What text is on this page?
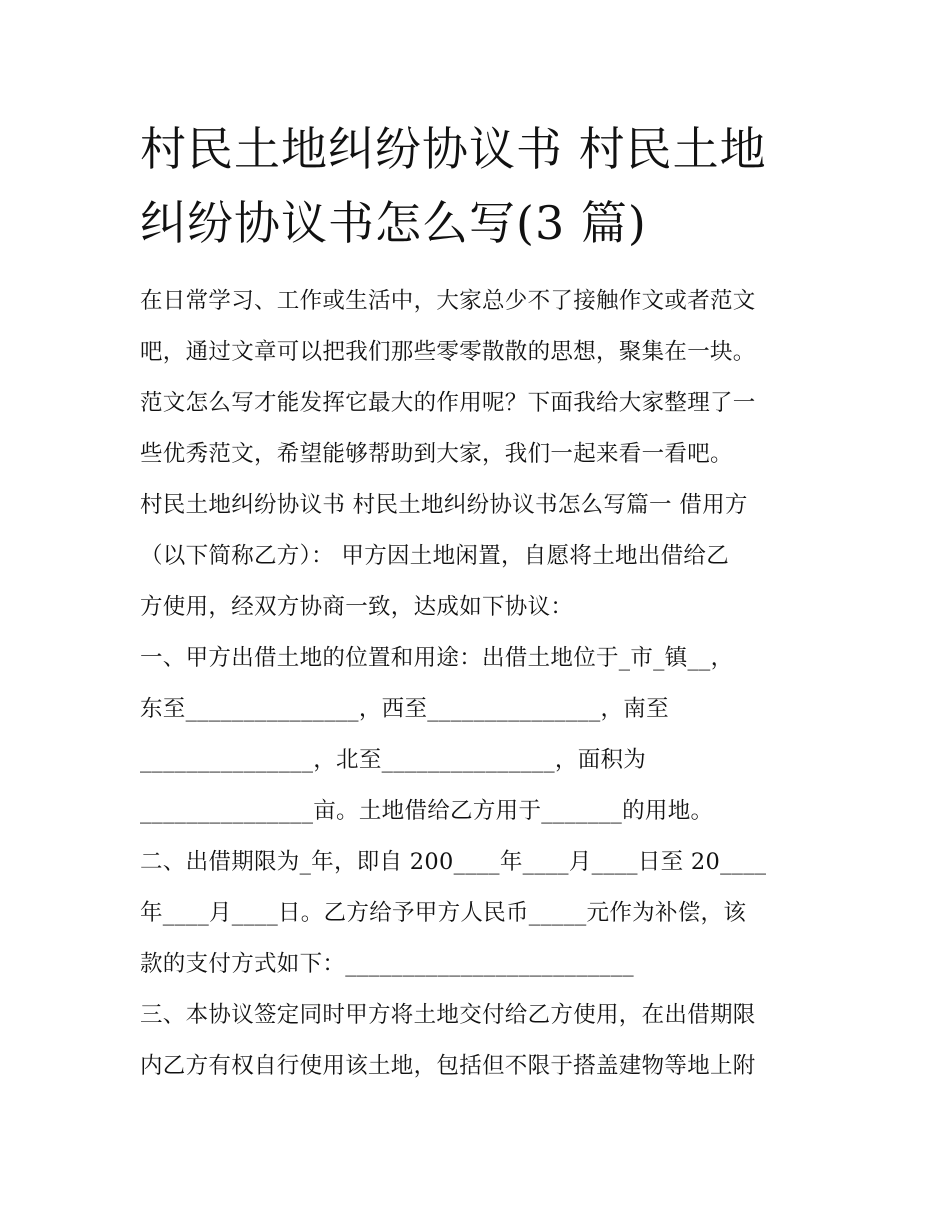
村民土地纠纷协议书 村民土地
纠纷协议书怎么写(3 篇)
在日常学习、工作或生活中，大家总少不了接触作文或者范文
吧，通过文章可以把我们那些零零散散的思想，聚集在一块。
范文怎么写才能发挥它最大的作用呢？下面我给大家整理了一
些优秀范文，希望能够帮助到大家，我们一起来看一看吧。
村民土地纠纷协议书 村民土地纠纷协议书怎么写篇一 借用方
（以下简称乙方）： 甲方因土地闲置，自愿将土地出借给乙
方使用，经双方协商一致，达成如下协议：
一、甲方出借土地的位置和用途：出借土地位于_市_镇__，
东至_______________，西至_______________，南至
_______________，北至_______________，面积为
_______________亩。土地借给乙方用于_______的用地。
二、出借期限为_年，即自 200____年____月____日至 20____
年____月____日。乙方给予甲方人民币_____元作为补偿，该
款的支付方式如下：_________________________
三、本协议签定同时甲方将土地交付给乙方使用，在出借期限
内乙方有权自行使用该土地，包括但不限于搭盖建物等地上附
